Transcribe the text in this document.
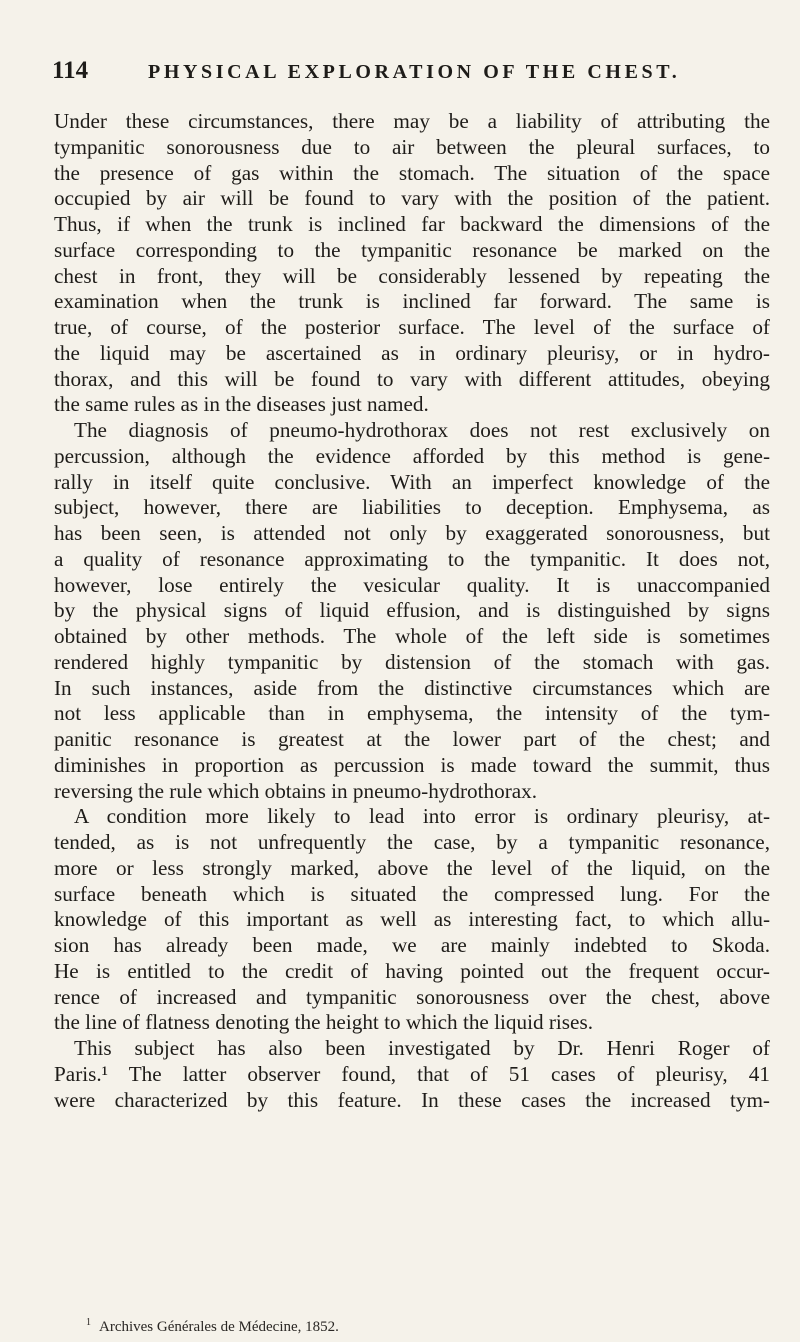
114	PHYSICAL EXPLORATION OF THE CHEST.
Under these circumstances, there may be a liability of attributing the
tympanitic sonorousness due to air between the pleural surfaces, to
the presence of gas within the stomach. The situation of the space
occupied by air will be found to vary with the position of the patient.
Thus, if when the trunk is inclined far backward the dimensions of the
surface corresponding to the tympanitic resonance be marked on the
chest in front, they will be considerably lessened by repeating the
examination when the trunk is inclined far forward. The same is
true, of course, of the posterior surface. The level of the surface of
the liquid may be ascertained as in ordinary pleurisy, or in hydro-
thorax, and this will be found to vary with different attitudes, obeying
the same rules as in the diseases just named.
The diagnosis of pneumo-hydrothorax does not rest exclusively on
percussion, although the evidence afforded by this method is gene-
rally in itself quite conclusive. With an imperfect knowledge of the
subject, however, there are liabilities to deception. Emphysema, as
has been seen, is attended not only by exaggerated sonorousness, but
a quality of resonance approximating to the tympanitic. It does not,
however, lose entirely the vesicular quality. It is unaccompanied
by the physical signs of liquid effusion, and is distinguished by signs
obtained by other methods. The whole of the left side is sometimes
rendered highly tympanitic by distension of the stomach with gas.
In such instances, aside from the distinctive circumstances which are
not less applicable than in emphysema, the intensity of the tym-
panitic resonance is greatest at the lower part of the chest; and
diminishes in proportion as percussion is made toward the summit, thus
reversing the rule which obtains in pneumo-hydrothorax.
A condition more likely to lead into error is ordinary pleurisy, at-
tended, as is not unfrequently the case, by a tympanitic resonance,
more or less strongly marked, above the level of the liquid, on the
surface beneath which is situated the compressed lung. For the
knowledge of this important as well as interesting fact, to which allu-
sion has already been made, we are mainly indebted to Skoda.
He is entitled to the credit of having pointed out the frequent occur-
rence of increased and tympanitic sonorousness over the chest, above
the line of flatness denoting the height to which the liquid rises.
This subject has also been investigated by Dr. Henri Roger of
Paris.¹ The latter observer found, that of 51 cases of pleurisy, 41
were characterized by this feature. In these cases the increased tym-
$^1$ Archives Générales de Médecine, 1852.
